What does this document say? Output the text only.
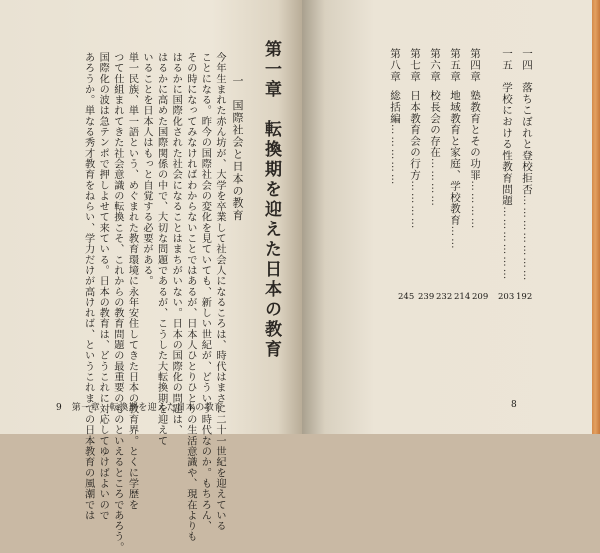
第一章　転換期を迎えた日本の教育
一　国際社会と日本の教育
今年生まれた赤ん坊が、大学を卒業して社会人になるころは、時代はまさに二十一世紀を迎えている
ことになる。昨今の国際社会の変化を見ていても、新しい世紀が、どういう時代なのか。もちろん、
その時になってみなければわからないことではあるが、日本人ひとりひとりの生活意識や、現在よりも
はるかに国際化された社会になることはまちがいない。日本の国際化の問題は、
はるかに高めた国際関係の中で、大切な問題であるが、こうした大転換期を迎えて
いることを日本人はもっと自覚する必要がある。
単一民族、単一語という、めぐまれた教育環境に永年安住してきた日本の教育界。とくに学歴を
つて仕組まれてきた社会意識の転換こそ、これからの教育問題の最重要のものといえるところであろう。
国際化の波は急テンポで押しよせて来ている。日本の教育は、どうこれに対応してゆけばよいので
あろうか。単なる秀才教育をねらい、学力だけが高ければ、というこれまでの日本教育の風潮では
9　第一章　転換期を迎えた日本の教育
一四　落ちこぼれと登校拒否…………………
192
一五　学校における性教育問題………………
203
第四章塾教育とその功罪…………
209
第五章地域教育と家庭、学校教育……
214
第六章校長会の存在…………
232
第七章日本教育会の行方…………
239
第八章総括編……………
245
8
